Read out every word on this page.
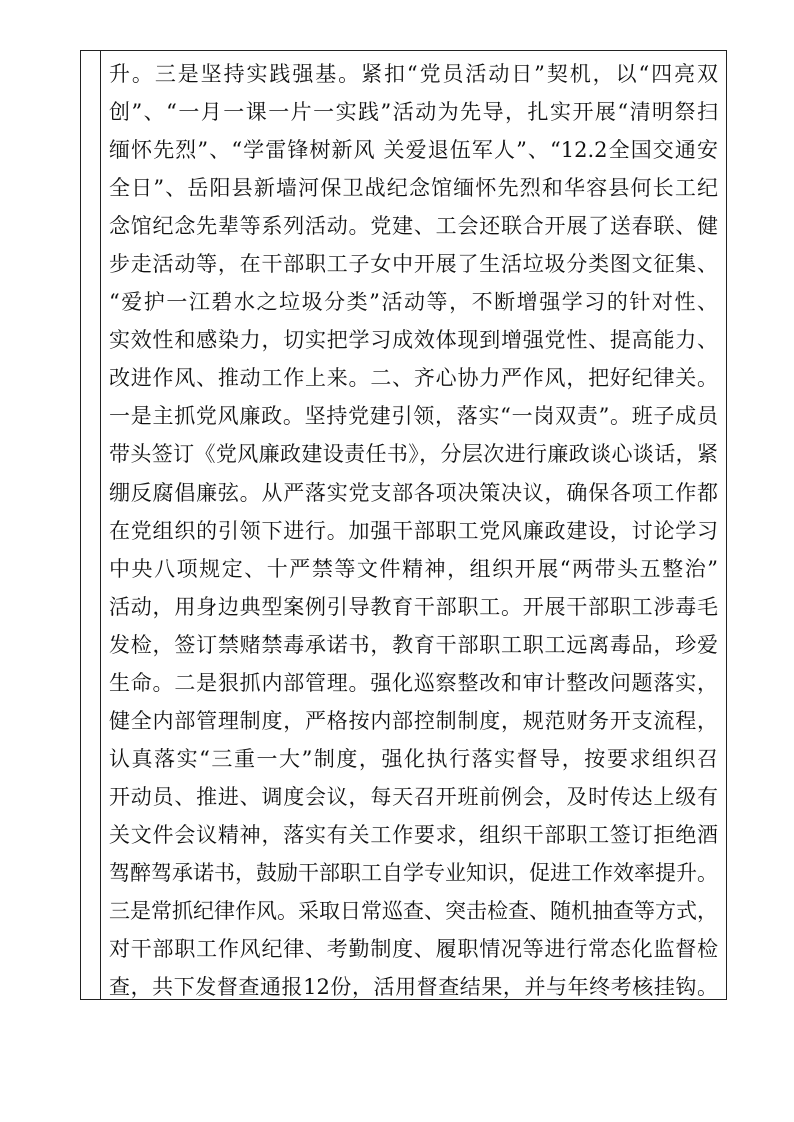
升。三是坚持实践强基。紧扣“党员活动日”契机，以“四亮双
创”、“一月一课一片一实践”活动为先导，扎实开展“清明祭扫
缅怀先烈”、“学雷锋树新风 关爱退伍军人”、“12.2全国交通安
全日”、岳阳县新墙河保卫战纪念馆缅怀先烈和华容县何长工纪
念馆纪念先辈等系列活动。党建、工会还联合开展了送春联、健
步走活动等，在干部职工子女中开展了生活垃圾分类图文征集、
“爱护一江碧水之垃圾分类”活动等，不断增强学习的针对性、
实效性和感染力，切实把学习成效体现到增强党性、提高能力、
改进作风、推动工作上来。二、齐心协力严作风，把好纪律关。
一是主抓党风廉政。坚持党建引领，落实“一岗双责”。班子成员
带头签订《党风廉政建设责任书》，分层次进行廉政谈心谈话，紧
绷反腐倡廉弦。从严落实党支部各项决策决议，确保各项工作都
在党组织的引领下进行。加强干部职工党风廉政建设，讨论学习
中央八项规定、十严禁等文件精神，组织开展“两带头五整治”
活动，用身边典型案例引导教育干部职工。开展干部职工涉毒毛
发检，签订禁赌禁毒承诺书，教育干部职工职工远离毒品，珍爱
生命。二是狠抓内部管理。强化巡察整改和审计整改问题落实，
健全内部管理制度，严格按内部控制制度，规范财务开支流程，
认真落实“三重一大”制度，强化执行落实督导，按要求组织召
开动员、推进、调度会议，每天召开班前例会，及时传达上级有
关文件会议精神，落实有关工作要求，组织干部职工签订拒绝酒
驾醉驾承诺书，鼓励干部职工自学专业知识，促进工作效率提升。
三是常抓纪律作风。采取日常巡查、突击检查、随机抽查等方式，
对干部职工作风纪律、考勤制度、履职情况等进行常态化监督检
查，共下发督查通报12份，活用督查结果，并与年终考核挂钩。
